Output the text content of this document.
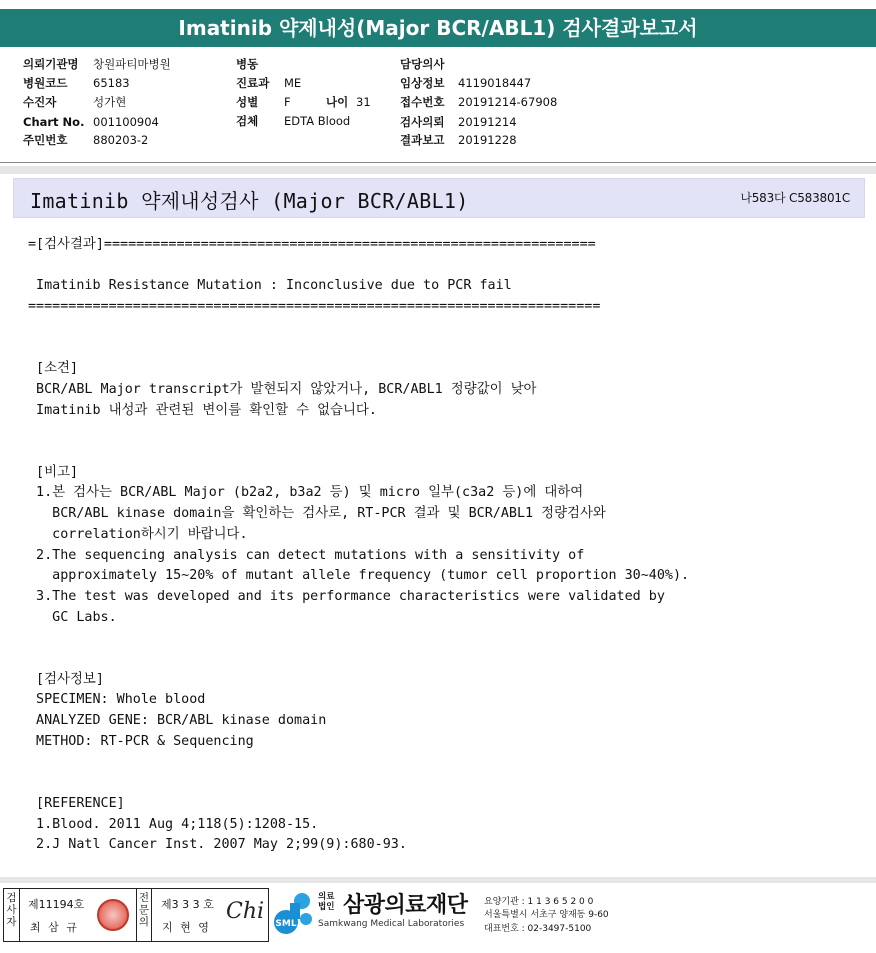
Imatinib 약제내성(Major BCR/ABL1) 검사결과보고서
의뢰기관명 창원파티마병원
병원코드 65183
수진자	성가현
Chart No. 001100904
주민번호 880203-2
병동
진료과 ME
성별 F	나이 31
검체 EDTA Blood
담당의사
임상정보 4119018447
접수번호 20191214-67908
검사의뢰 20191214
결과보고 20191228
Imatinib 약제내성검사 (Major BCR/ABL1)	나583다 C583801C
=[검사결과]=============================================================
Imatinib Resistance Mutation : Inconclusive due to PCR fail
=======================================================================
[소견]
BCR/ABL Major transcript가 발현되지 않았거나, BCR/ABL1 정량값이 낮아
Imatinib 내성과 관련된 변이를 확인할 수 없습니다.
[비고]
1.본 검사는 BCR/ABL Major (b2a2, b3a2 등) 및 micro 일부(c3a2 등)에 대하여
BCR/ABL kinase domain을 확인하는 검사로, RT-PCR 결과 및 BCR/ABL1 정량검사와
correlation하시기 바랍니다.
2.The sequencing analysis can detect mutations with a sensitivity of
approximately 15~20% of mutant allele frequency (tumor cell proportion 30~40%).
3.The test was developed and its performance characteristics were validated by
GC Labs.
[검사정보]
SPECIMEN: Whole blood
ANALYZED GENE: BCR/ABL kinase domain
METHOD: RT-PCR & Sequencing
[REFERENCE]
1.Blood. 2011 Aug 4;118(5):1208-15.
2.J Natl Cancer Inst. 2007 May 2;99(9):680-93.
검사자
제11194호
최 삼 규
전문의
제3 3 3 호
지 현 영
Chi SML
의료법인 삼광의료재단
Samkwang Medical Laboratories
요양기관 : 1 1 3 6 5 2 0 0
서울특별시 서초구 양재동 9-60
대표번호 : 02-3497-5100
